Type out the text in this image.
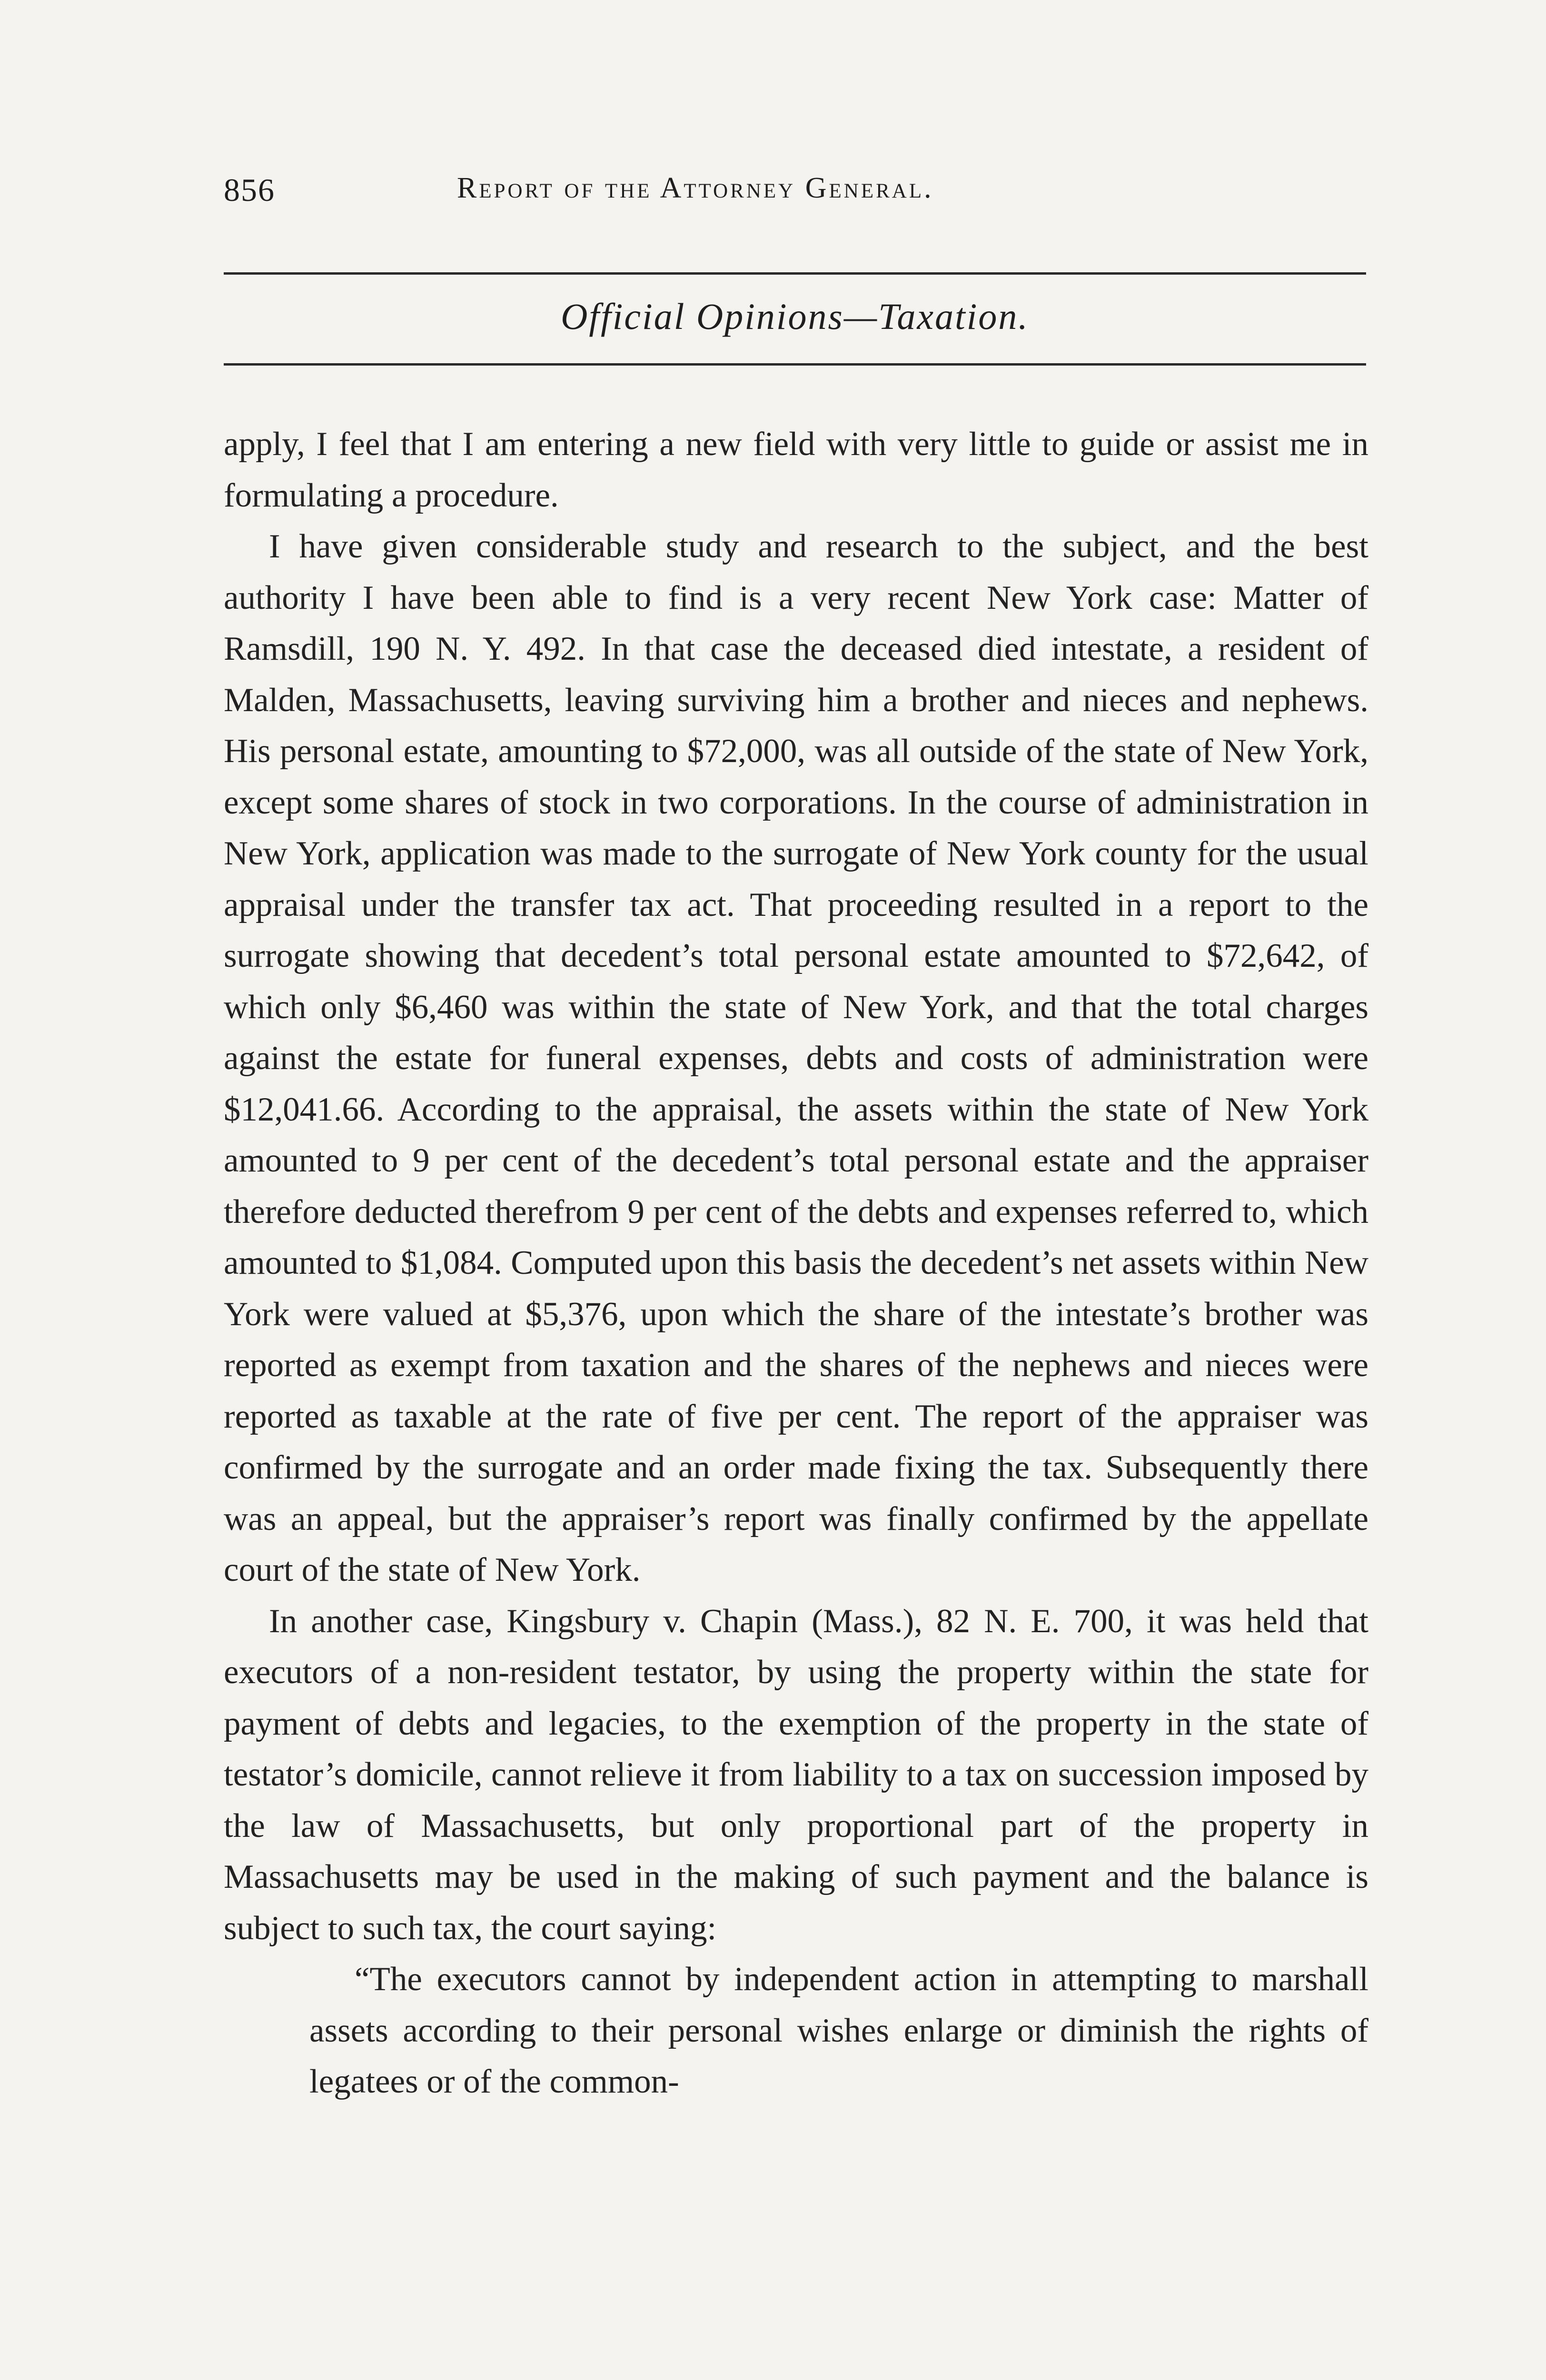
856	Report of the Attorney General.
Official Opinions—Taxation.

apply, I feel that I am entering a new field with very little to guide or assist me in formulating a procedure.

I have given considerable study and research to the subject, and the best authority I have been able to find is a very recent New York case: Matter of Ramsdill, 190 N. Y. 492. In that case the deceased died intestate, a resident of Malden, Massachusetts, leaving surviving him a brother and nieces and nephews. His personal estate, amounting to $72,000, was all outside of the state of New York, except some shares of stock in two corporations. In the course of administration in New York, application was made to the surrogate of New York county for the usual appraisal under the transfer tax act. That proceeding resulted in a report to the surrogate showing that decedent’s total personal estate amounted to $72,642, of which only $6,460 was within the state of New York, and that the total charges against the estate for funeral expenses, debts and costs of administration were $12,041.66. According to the appraisal, the assets within the state of New York amounted to 9 per cent of the decedent’s total personal estate and the appraiser therefore deducted therefrom 9 per cent of the debts and expenses referred to, which amounted to $1,084. Computed upon this basis the decedent’s net assets within New York were valued at $5,376, upon which the share of the intestate’s brother was reported as exempt from taxation and the shares of the nephews and nieces were reported as taxable at the rate of five per cent. The report of the appraiser was confirmed by the surrogate and an order made fixing the tax. Subsequently there was an appeal, but the appraiser’s report was finally confirmed by the appellate court of the state of New York.

In another case, Kingsbury v. Chapin (Mass.), 82 N. E. 700, it was held that executors of a non-resident testator, by using the property within the state for payment of debts and legacies, to the exemption of the property in the state of testator’s domicile, cannot relieve it from liability to a tax on succession imposed by the law of Massachusetts, but only proportional part of the property in Massachusetts may be used in the making of such payment and the balance is subject to such tax, the court saying:

“The executors cannot by independent action in attempting to marshall assets according to their personal wishes enlarge or diminish the rights of legatees or of the common-
